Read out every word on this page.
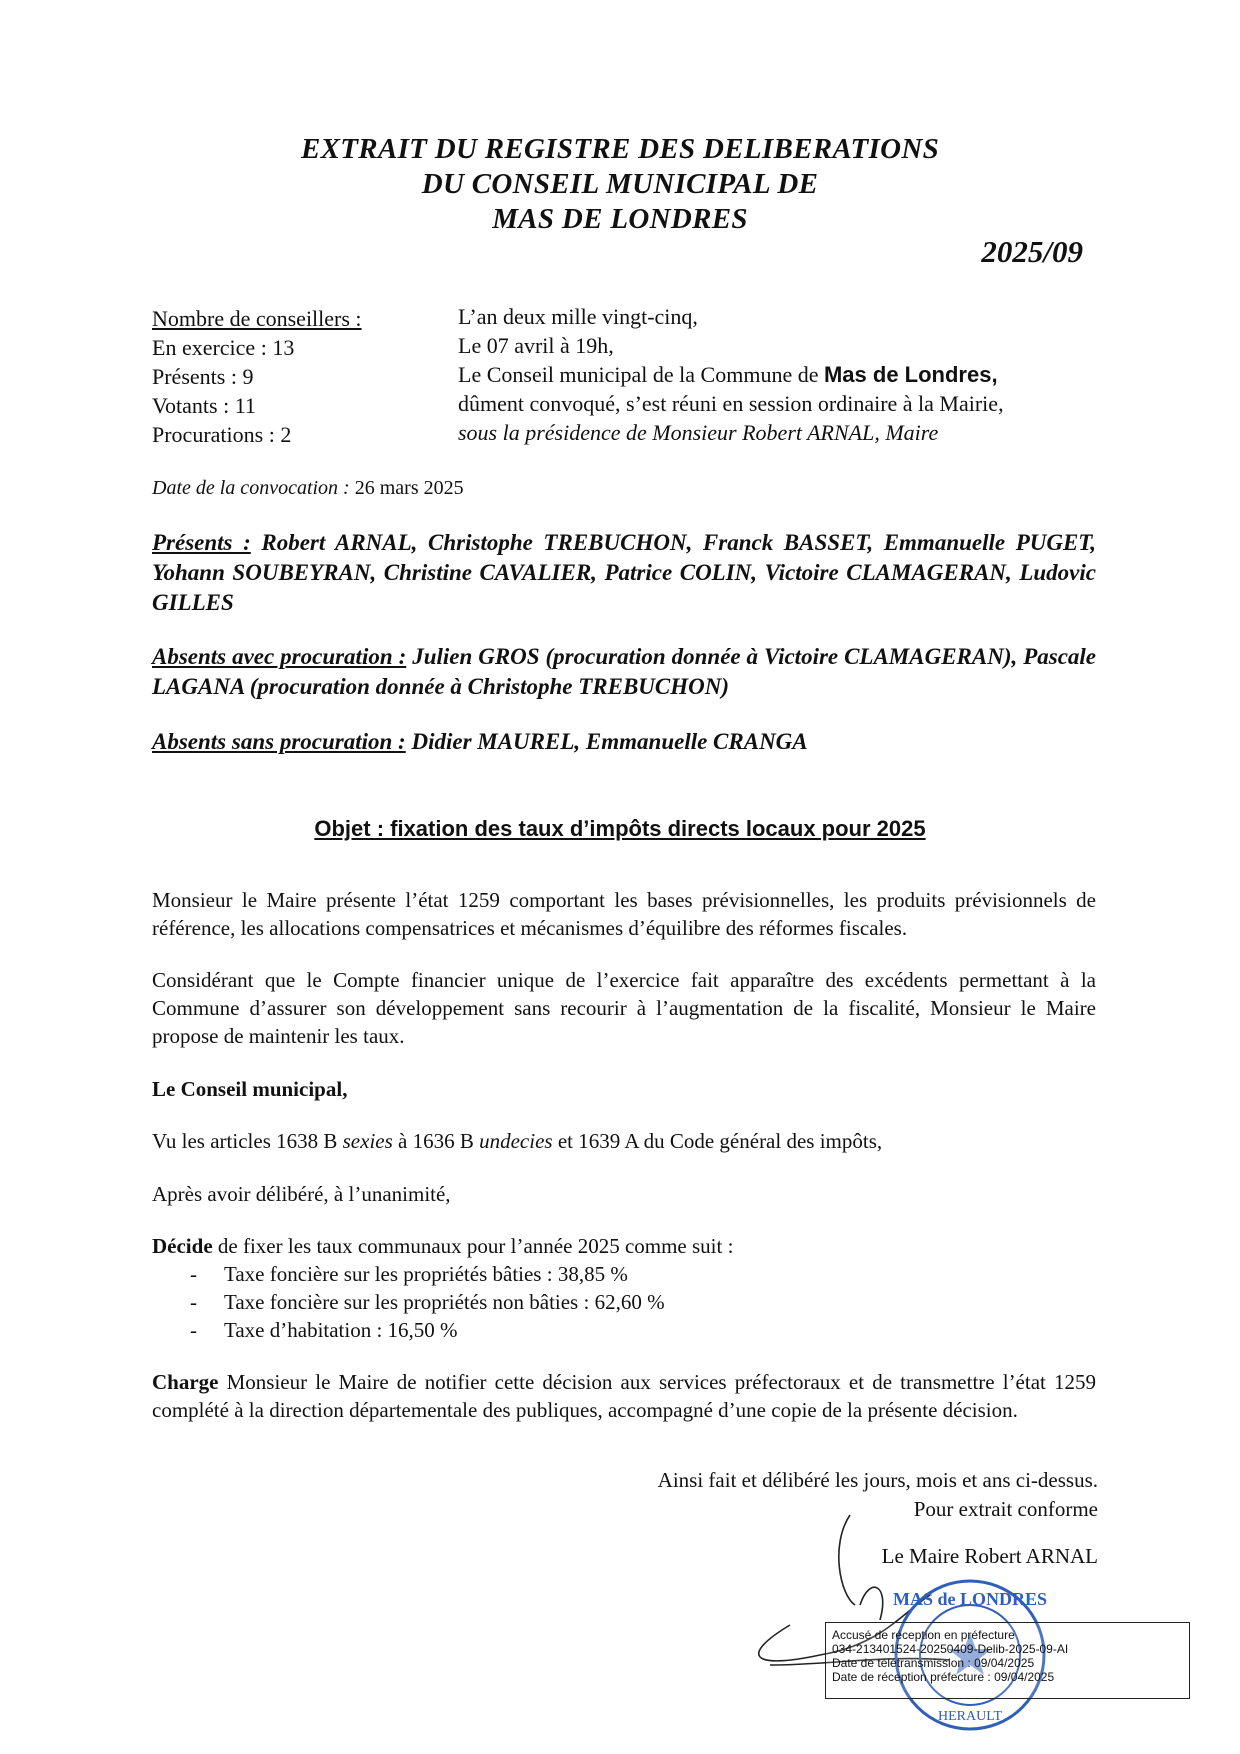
EXTRAIT DU REGISTRE DES DELIBERATIONS
DU CONSEIL MUNICIPAL DE
MAS DE LONDRES
2025/09
Nombre de conseillers :
En exercice : 13
Présents : 9
Votants : 11
Procurations : 2
L’an deux mille vingt-cinq,
Le 07 avril à 19h,
Le Conseil municipal de la Commune de Mas de Londres,
dûment convoqué, s’est réuni en session ordinaire à la Mairie,
sous la présidence de Monsieur Robert ARNAL, Maire
Date de la convocation : 26 mars 2025
Présents : Robert ARNAL, Christophe TREBUCHON, Franck BASSET, Emmanuelle PUGET, Yohann SOUBEYRAN, Christine CAVALIER, Patrice COLIN, Victoire CLAMAGERAN, Ludovic GILLES
Absents avec procuration : Julien GROS (procuration donnée à Victoire CLAMAGERAN), Pascale LAGANA (procuration donnée à Christophe TREBUCHON)
Absents sans procuration : Didier MAUREL, Emmanuelle CRANGA
Objet : fixation des taux d’impôts directs locaux pour 2025
Monsieur le Maire présente l’état 1259 comportant les bases prévisionnelles, les produits prévisionnels de référence, les allocations compensatrices et mécanismes d’équilibre des réformes fiscales.
Considérant que le Compte financier unique de l’exercice fait apparaître des excédents permettant à la Commune d’assurer son développement sans recourir à l’augmentation de la fiscalité, Monsieur le Maire propose de maintenir les taux.
Le Conseil municipal,
Vu les articles 1638 B sexies à 1636 B undecies et 1639 A du Code général des impôts,
Après avoir délibéré, à l’unanimité,
Décide de fixer les taux communaux pour l’année 2025 comme suit :
- Taxe foncière sur les propriétés bâties : 38,85 %
- Taxe foncière sur les propriétés non bâties : 62,60 %
- Taxe d’habitation : 16,50 %
Charge Monsieur le Maire de notifier cette décision aux services préfectoraux et de transmettre l’état 1259 complété à la direction départementale des publiques, accompagné d’une copie de la présente décision.
Ainsi fait et délibéré les jours, mois et ans ci-dessus.
Pour extrait conforme
Le Maire Robert ARNAL
MAS de LONDRES
HERAULT
Accusé de réception en préfecture
034-213401524-20250409-Delib-2025-09-AI
Date de télétransmission : 09/04/2025
Date de réception préfecture : 09/04/2025
